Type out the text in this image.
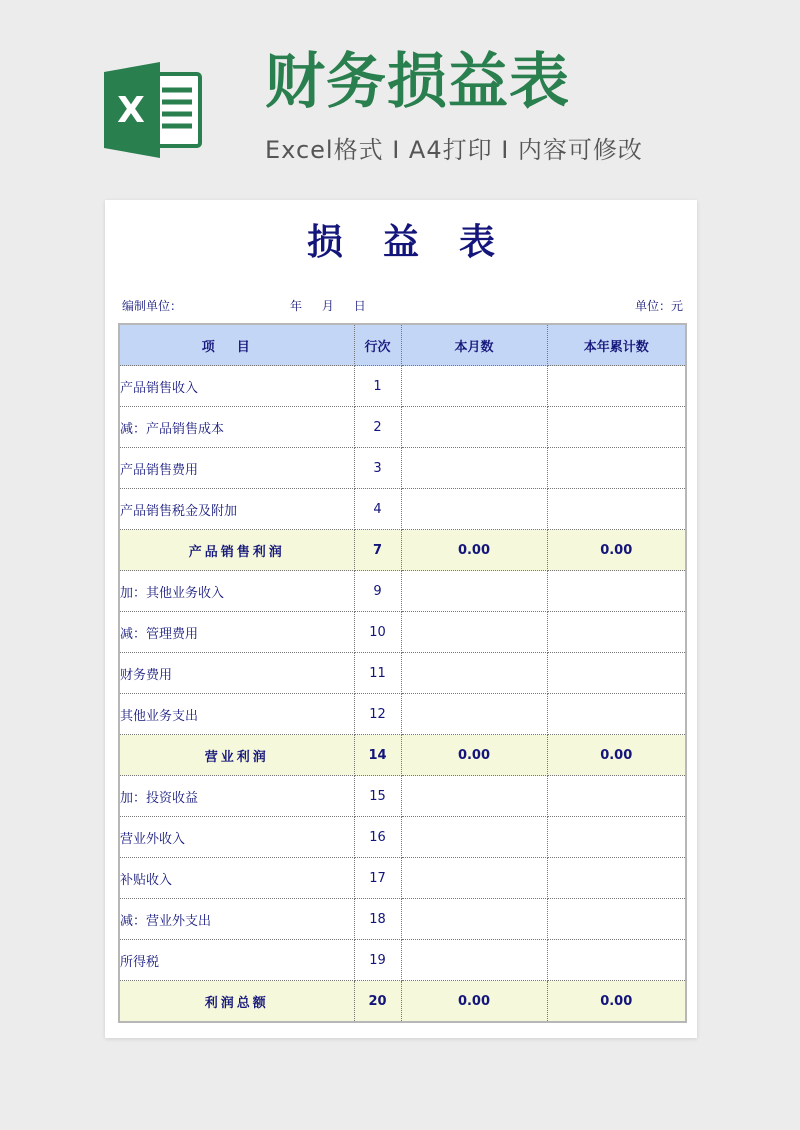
X 财务损益表
Excel格式 I A4打印 I 内容可修改
损益表
编制单位：	年 月 日	单位：元
项目	行次	本月数	本年累计数
产品销售收入	1		
减：产品销售成本	2		
产品销售费用	3		
产品销售税金及附加	4		
产品销售利润	7	0.00	0.00
加：其他业务收入	9		
减：管理费用	10		
财务费用	11		
其他业务支出	12		
营业利润	14	0.00	0.00
加：投资收益	15		
营业外收入	16		
补贴收入	17		
减：营业外支出	18		
所得税	19		
利润总额	20	0.00	0.00
